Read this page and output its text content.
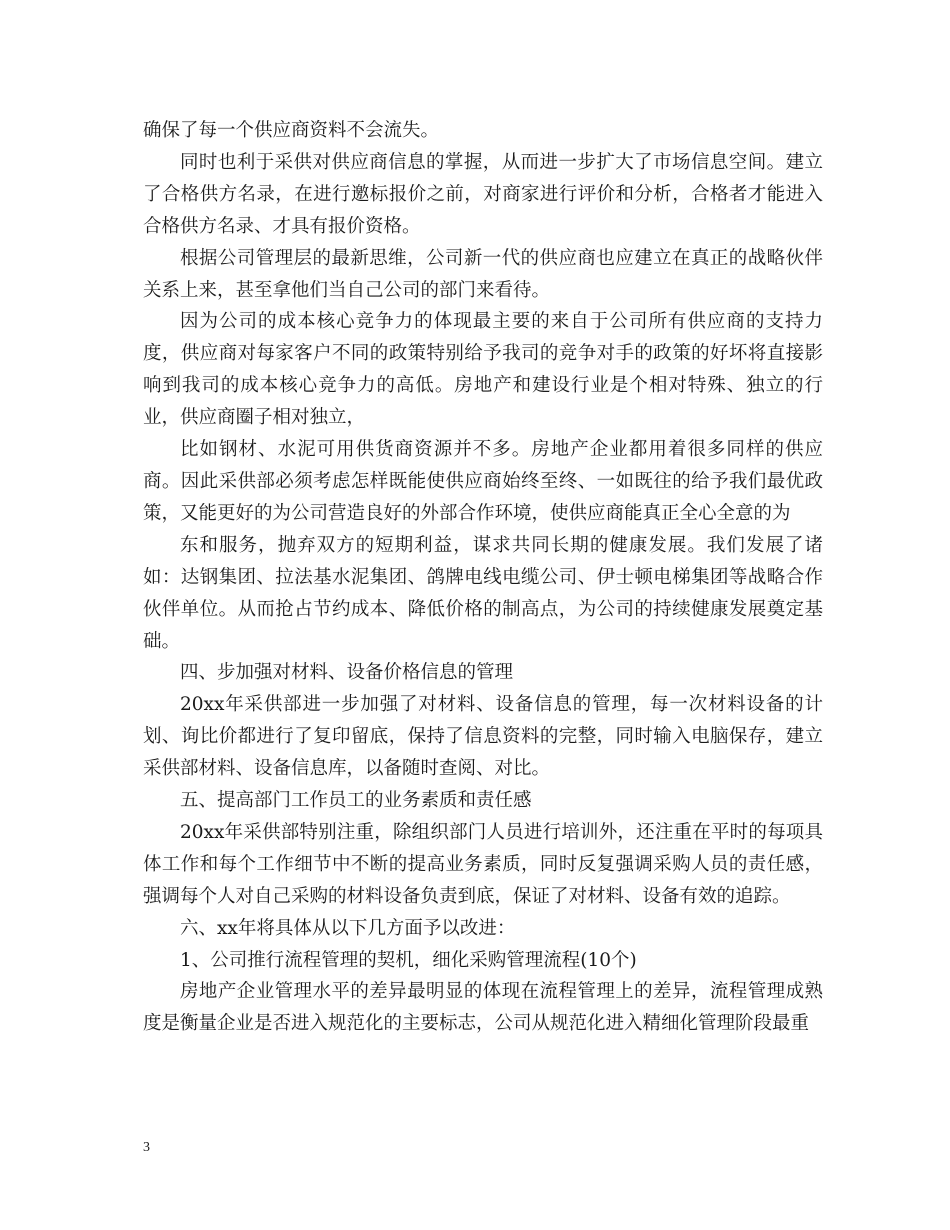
确保了每一个供应商资料不会流失。

同时也利于采供对供应商信息的掌握，从而进一步扩大了市场信息空间。建立了合格供方名录，在进行邀标报价之前，对商家进行评价和分析，合格者才能进入合格供方名录、才具有报价资格。

根据公司管理层的最新思维，公司新一代的供应商也应建立在真正的战略伙伴关系上来，甚至拿他们当自己公司的部门来看待。

因为公司的成本核心竞争力的体现最主要的来自于公司所有供应商的支持力度，供应商对每家客户不同的政策特别给予我司的竞争对手的政策的好坏将直接影响到我司的成本核心竞争力的高低。房地产和建设行业是个相对特殊、独立的行业，供应商圈子相对独立，

比如钢材、水泥可用供货商资源并不多。房地产企业都用着很多同样的供应商。因此采供部必须考虑怎样既能使供应商始终至终、一如既往的给予我们最优政策，又能更好的为公司营造良好的外部合作环境，使供应商能真正全心全意的为

东和服务，抛弃双方的短期利益，谋求共同长期的健康发展。我们发展了诸如：达钢集团、拉法基水泥集团、鸽牌电线电缆公司、伊士顿电梯集团等战略合作伙伴单位。从而抢占节约成本、降低价格的制高点，为公司的持续健康发展奠定基础。

四、步加强对材料、设备价格信息的管理

20xx年采供部进一步加强了对材料、设备信息的管理，每一次材料设备的计划、询比价都进行了复印留底，保持了信息资料的完整，同时输入电脑保存，建立采供部材料、设备信息库，以备随时查阅、对比。

五、提高部门工作员工的业务素质和责任感

20xx年采供部特别注重，除组织部门人员进行培训外，还注重在平时的每项具体工作和每个工作细节中不断的提高业务素质，同时反复强调采购人员的责任感，强调每个人对自己采购的材料设备负责到底，保证了对材料、设备有效的追踪。

六、xx年将具体从以下几方面予以改进：

1、公司推行流程管理的契机，细化采购管理流程(10个)

房地产企业管理水平的差异最明显的体现在流程管理上的差异，流程管理成熟度是衡量企业是否进入规范化的主要标志，公司从规范化进入精细化管理阶段最重

3
